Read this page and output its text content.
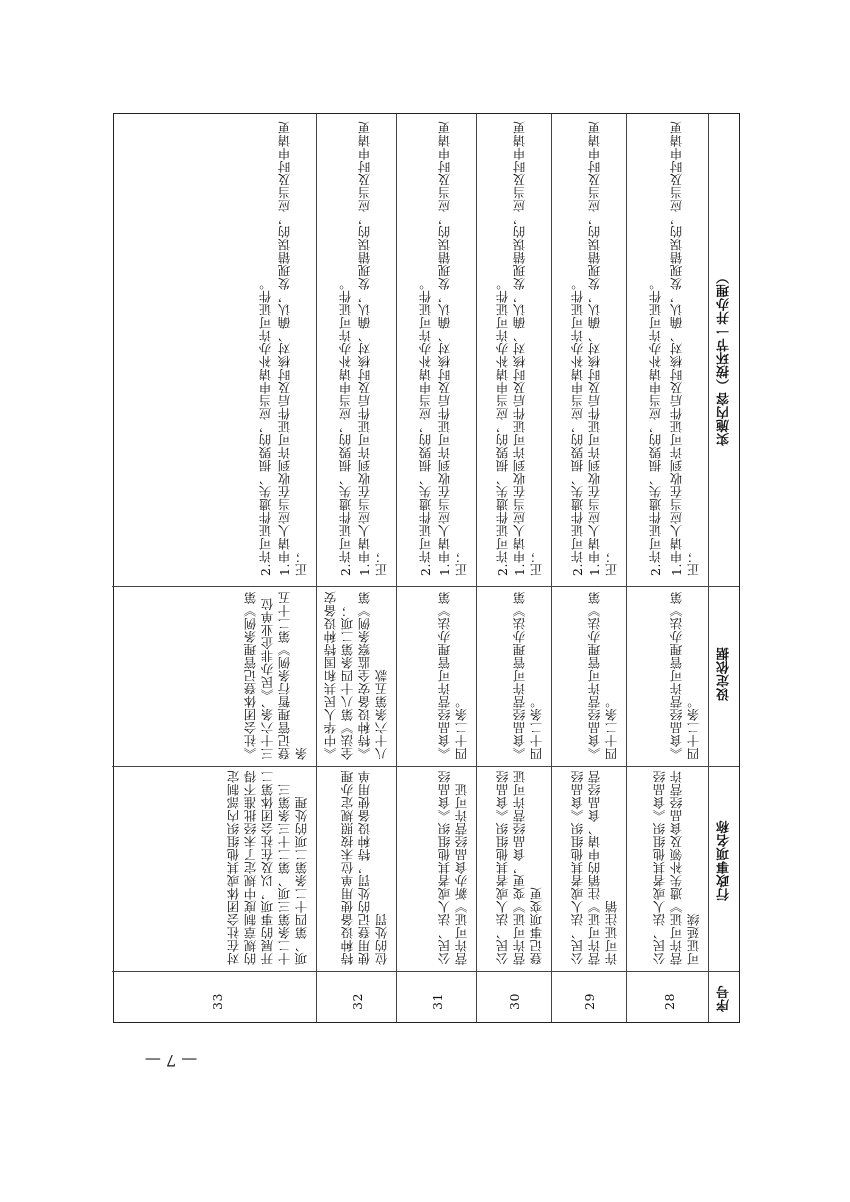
序号
行政事项名称
设定依据
实施内容（按环节一并办理）
28
公民、法人或者其他组织《食品经营许可证》遗失补领及食品经营许可证延续
《食品经营许可管理办法》第四十二条。
1.申请人应当在收到许可证件后及时核对、确认，发现错误的，应当及时申请更正；
2.许可证件遗失、损毁的，应当申请补办许可证件。
29
公民、法人或者其他组织《食品经营许可证》注销的申请、食品经营许可证注销
《食品经营许可管理办法》第四十二条。
1.申请人应当在收到许可证件后及时核对、确认，发现错误的，应当及时申请更正；
2.许可证件遗失、损毁的，应当申请补办许可证件。
30
公民、法人或者其他组织《食品经营许可证》变更，食品经营许可证登记事项变更
《食品经营许可管理办法》第四十二条。
1.申请人应当在收到许可证件后及时核对、确认，发现错误的，应当及时申请更正；
2.许可证件遗失、损毁的，应当申请补办许可证件。
31
公民、法人或者其他组织《食品经营许可证》新办食品经营许可证
《食品经营许可管理办法》第四十二条。
1.申请人应当在收到许可证件后及时核对、确认，发现错误的，应当及时申请更正；
2.许可证件遗失、损毁的，应当申请补办许可证件。
32
特种设备使用单位未按照规定办理使用登记的处罚，特种设备使用单位的处罚
《中华人民共和国特种设备安全法》第八十四条第二项；《特种设备安全监察条例》第八十六条第五款
1.申请人应当在收到许可证件后及时核对、确认，发现错误的，应当及时申请更正；
2.许可证件遗失、损毁的，应当申请补办许可证件。
33
对在社会团体或其他组织内部制定的规章制度中规定了未经批准不得开展的事项，以及在社会团体第二十二条第三项、第二十三条第三项、第四十二条第二项的处理
《社会团体登记管理条例》第三十六条、《民办非企业单位登记管理暂行条例》第二十五条
1.申请人应当在收到许可证件后及时核对、确认，发现错误的，应当及时申请更正；
2.许可证件遗失、损毁的，应当申请补办许可证件。
— 7 —
